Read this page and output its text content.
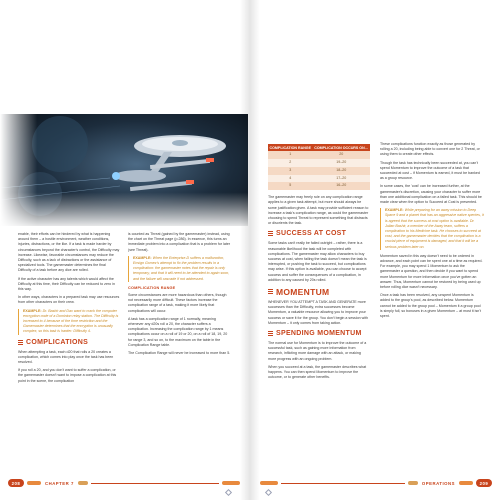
enable, their efforts can be hindered by what is happening around them – a hostile environment, weather conditions, injuries, distractions, or the like. If a task is made harder by circumstances beyond the character's control, the Difficulty may increase. Likewise, favorable circumstances may reduce the Difficulty, such as a lack of distractions or the assistance of specialized tools. The gamemaster determines the final Difficulty of a task before any dice are rolled.

If the active character has any talents which would affect the Difficulty at this time, their Difficulty can be reduced to zero in this way.

In other ways, characters in a prepared task may use resources from other characters on their crew.

EXAMPLE: Dr. Bashir and Dax want to crack the computer encryption code of a Dominion relay station. The Difficulty is increased to 4 because of the time restriction and the Gamemaster determines that the encryption is unusually complex, so this task is harder: Difficulty 4.
COMPLICATIONS

When attempting a task, each d20 that rolls a 20 creates a complication, which comes into play once the task has been resolved.

If you roll a 20, and you don't want to suffer a complication, or the gamemaster doesn't want to impose a complication at this point in the scene, the complication

is counted as Threat (gained by the gamemaster) instead, using the chart on the Threat page (p.286). In essence, this turns an immediate problem into a complication that is a problem for later (see Threat).

EXAMPLE: When the Enterprise-D suffers a malfunction, Ensign Gomez's attempt to fix the problem results in a complication: the gamemaster notes that the repair is only temporary, and that it will need to be attended to again soon, and the failure will cascade if not addressed.
COMPLICATION RANGE

Some circumstances are more hazardous than others, though not necessarily more difficult. These factors increase the complication range of a task, making it more likely that complications will occur.

A task has a complication range of 1 normally, meaning whenever any d20s roll a 20, the character suffers a complication. Increasing the complication range by 1 means complications occur on a roll of 19 or 20, on a roll of 18, 19, 20 for range 3, and so on, to the maximum on the table in the Complication Range table.

The Complication Range will never be increased to more than 5.

208	CHAPTER 7
COMPLICATION RANGE	COMPLICATION OCCURS ON…
1	20
2	19–20
3	18–20
4	17–20
5	16–20

The gamemaster may freely rule on any complication range applies to a given task attempt, but more should always be some justification given. A task may provide sufficient reason to increase a task's complication range, as could the gamemaster choosing to spend Threat to represent something that distracts or disorients the task.

SUCCESS AT COST

Some tasks can't really be failed outright – rather, there is a reasonable likelihood the task will be completed with complications. The gamemaster may allow characters to buy success at cost, when failing the task doesn't mean the task is interrupted, or pushing the task to succeed, but complications may arise. If this option is available, you can choose to accept success and suffer the consequences of a complication, in addition to any caused by 20s rolled.

MOMENTUM

WHENEVER YOU ATTEMPT A TASK AND GENERATE more successes than the Difficulty, extra successes become Momentum, a valuable resource allowing you to improve your success or save it for the group. You don't begin a session with Momentum – it only comes from taking action.

SPENDING MOMENTUM

The normal use for Momentum is to improve the outcome of a successful task, such as gaining more information from research, inflicting more damage with an attack, or making more progress with an ongoing problem.

When you succeed at a task, the gamemaster describes what happens. You can then spend Momentum to improve the outcome, or to generate other benefits.

These complications function exactly as those generated by rolling a 20, including being able to convert one for 2 Threat, or using them to create other effects.

Though the task has technically been succeeded at, you can't spend Momentum to improve the outcome of a task that succeeded at cost – if Momentum is earned, it must be banked as a group resource.

In some cases, the 'cost' can be increased further, at the gamemaster's discretion, causing your character to suffer more than one additional complication on a failed task. This should be made clear when the option to Succeed at Cost is presented.

EXAMPLE: While preparing for an away mission to Deep Space 9 and a planet that has an aggressive native species, it is agreed that the success at cost option is available. Dr. Julian Bashir, a member of the Away team, suffers a complication to his Medicine task. He chooses to succeed at cost, and the gamemaster decides that the complication is a crucial piece of equipment is damaged, and that it will be a serious problem later on.

Momentum saved in this way doesn't need to be ordered in advance, and each point can be spent one at a time as required. For example, you may spend 1 Momentum to ask the gamemaster a question, and then decide if you want to spend more Momentum for more information once you've gotten an answer. Thus, Momentum cannot be restored by being used up before rolling dice wasn't necessary.

Once a task has been resolved, any unspent Momentum is added to the group's pool, as described below. Momentum cannot be added to the group pool – Momentum it a group pool is simply full, so bonuses in a given Momentum – at most it isn't spent.

OPERATIONS	209
